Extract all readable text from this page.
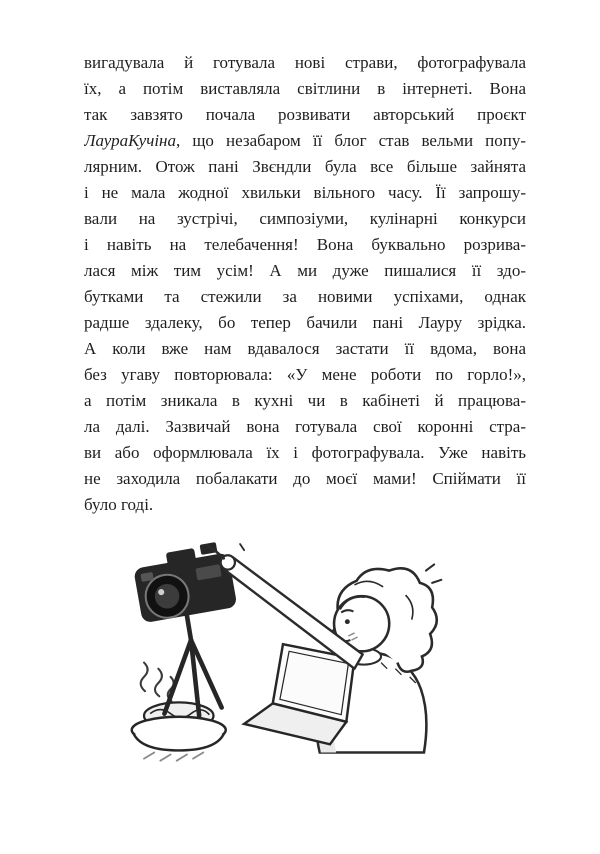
вигадувала й готувала нові страви, фотографувала
їх, а потім виставляла світлини в інтернеті. Вона
так завзято почала розвивати авторський проєкт
ЛаураКучіна, що незабаром її блог став вельми попу-
лярним. Отож пані Звєндли була все більше зайнята
і не мала жодної хвильки вільного часу. Її запрошу-
вали на зустрічі, симпозіуми, кулінарні конкурси
і навіть на телебачення! Вона буквально розрива-
лася між тим усім! А ми дуже пишалися її здо-
бутками та стежили за новими успіхами, однак
радше здалеку, бо тепер бачили пані Лауру зрідка.
А коли вже нам вдавалося застати її вдома, вона
без угаву повторювала: «У мене роботи по горло!»,
а потім зникала в кухні чи в кабінеті й працюва-
ла далі. Зазвичай вона готувала свої коронні стра-
ви або оформлювала їх і фотографувала. Уже навіть
не заходила побалакати до моєї мами! Спіймати її
було годі.
